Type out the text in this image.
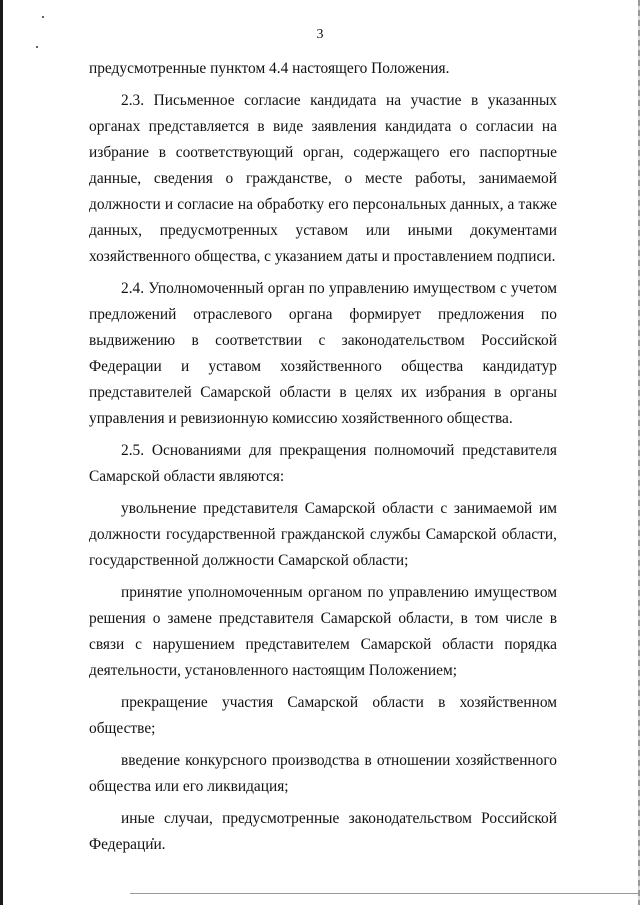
3

предусмотренные пунктом 4.4 настоящего Положения.

2.3. Письменное согласие кандидата на участие в указанных органах представляется в виде заявления кандидата о согласии на избрание в соответствующий орган, содержащего его паспортные данные, сведения о гражданстве, о месте работы, занимаемой должности и согласие на обработку его персональных данных, а также данных, предусмотренных уставом или иными документами хозяйственного общества, с указанием даты и проставлением подписи.

2.4. Уполномоченный орган по управлению имуществом с учетом предложений отраслевого органа формирует предложения по выдвижению в соответствии с законодательством Российской Федерации и уставом хозяйственного общества кандидатур представителей Самарской области в целях их избрания в органы управления и ревизионную комиссию хозяйственного общества.

2.5. Основаниями для прекращения полномочий представителя Самарской области являются:

увольнение представителя Самарской области с занимаемой им должности государственной гражданской службы Самарской области, государственной должности Самарской области;

принятие уполномоченным органом по управлению имуществом решения о замене представителя Самарской области, в том числе в связи с нарушением представителем Самарской области порядка деятельности, установленного настоящим Положением;

прекращение участия Самарской области в хозяйственном обществе;

введение конкурсного производства в отношении хозяйственного общества или его ликвидация;

иные случаи, предусмотренные законодательством Российской Федерации.
